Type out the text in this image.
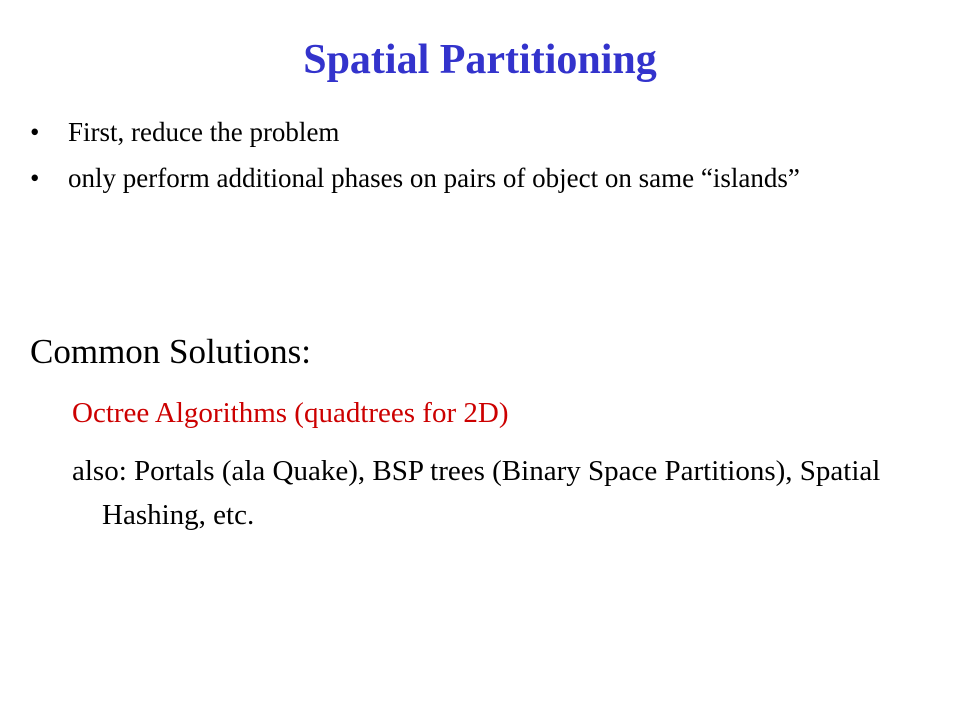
Spatial Partitioning
• First, reduce the problem
• only perform additional phases on pairs of object on same “islands”
Common Solutions:
Octree Algorithms (quadtrees for 2D)
also: Portals (ala Quake), BSP trees (Binary Space Partitions), Spatial Hashing, etc.
